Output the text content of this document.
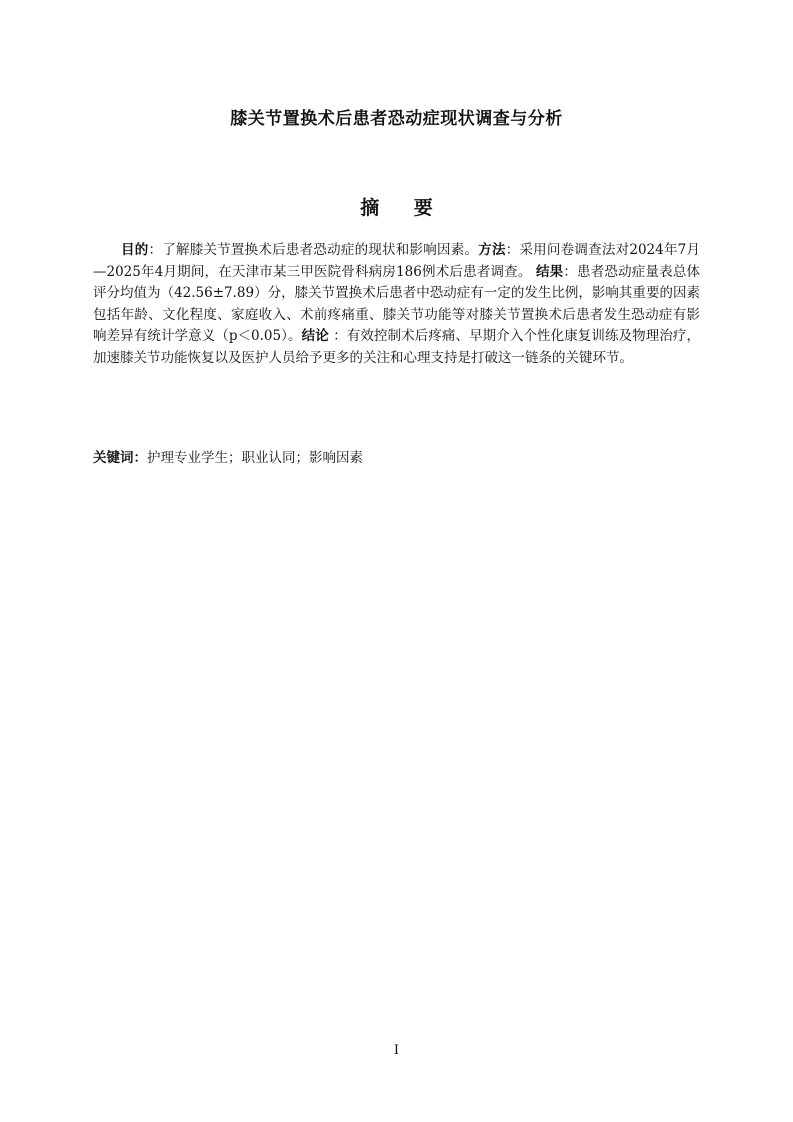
膝关节置换术后患者恐动症现状调查与分析
摘 要

目的：了解膝关节置换术后患者恐动症的现状和影响因素。方法：采用问卷调查法对2024年7月—2025年4月期间，在天津市某三甲医院骨科病房186例术后患者调查。 结果：患者恐动症量表总体评分均值为（42.56±7.89）分，膝关节置换术后患者中恐动症有一定的发生比例，影响其重要的因素包括年龄、文化程度、家庭收入、术前疼痛重、膝关节功能等对膝关节置换术后患者发生恐动症有影响差异有统计学意义（p＜0.05）。结论 ：有效控制术后疼痛、早期介入个性化康复训练及物理治疗，加速膝关节功能恢复以及医护人员给予更多的关注和心理支持是打破这一链条的关键环节。

关键词：护理专业学生；职业认同；影响因素
I
